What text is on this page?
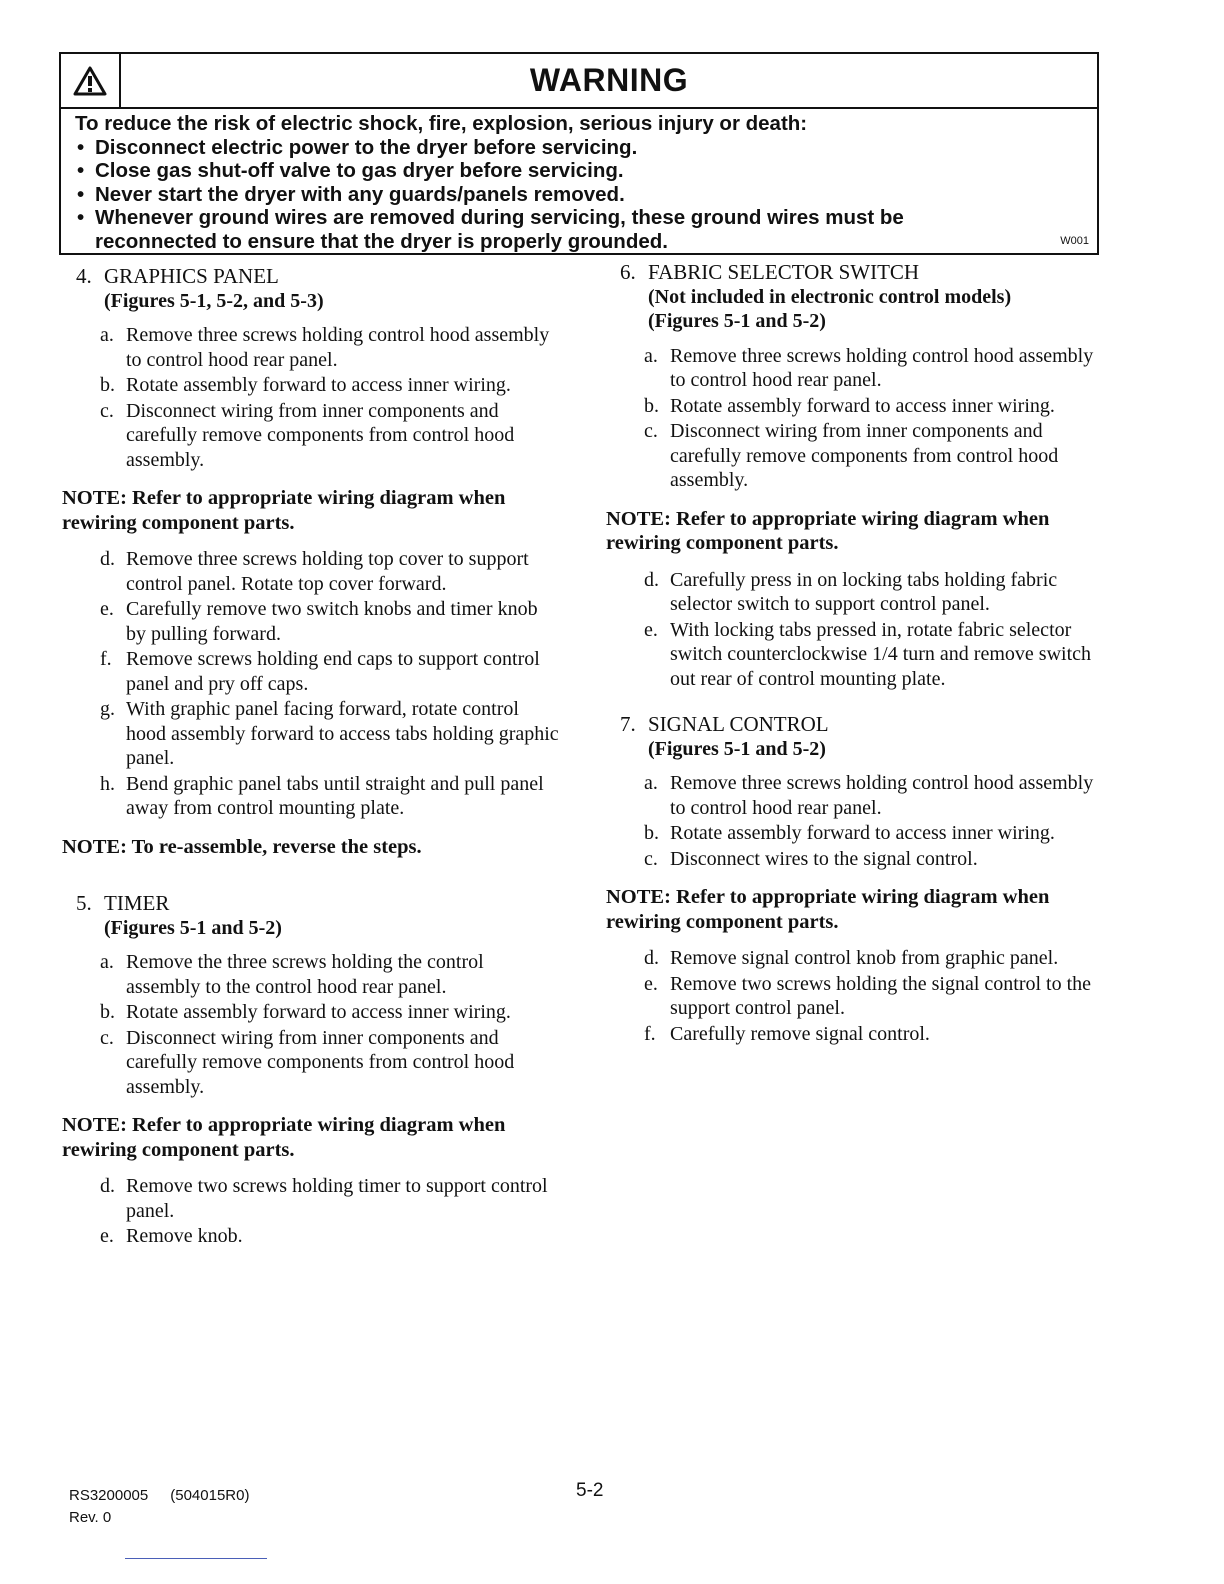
WARNING

To reduce the risk of electric shock, fire, explosion, serious injury or death:

• Disconnect electric power to the dryer before servicing.
• Close gas shut-off valve to gas dryer before servicing.
• Never start the dryer with any guards/panels removed.
• Whenever ground wires are removed during servicing, these ground wires must be reconnected to ensure that the dryer is properly grounded.	W001
4. GRAPHICS PANEL
(Figures 5-1, 5-2, and 5-3)
a. Remove three screws holding control hood assembly to control hood rear panel.
b. Rotate assembly forward to access inner wiring.
c. Disconnect wiring from inner components and carefully remove components from control hood assembly.
NOTE: Refer to appropriate wiring diagram when rewiring component parts.
d. Remove three screws holding top cover to support control panel. Rotate top cover forward.
e. Carefully remove two switch knobs and timer knob by pulling forward.
f. Remove screws holding end caps to support control panel and pry off caps.
g. With graphic panel facing forward, rotate control hood assembly forward to access tabs holding graphic panel.
h. Bend graphic panel tabs until straight and pull panel away from control mounting plate.
NOTE: To re-assemble, reverse the steps.
5. TIMER
(Figures 5-1 and 5-2)
a. Remove the three screws holding the control assembly to the control hood rear panel.
b. Rotate assembly forward to access inner wiring.
c. Disconnect wiring from inner components and carefully remove components from control hood assembly.
NOTE: Refer to appropriate wiring diagram when rewiring component parts.
d. Remove two screws holding timer to support control panel.
e. Remove knob.
6. FABRIC SELECTOR SWITCH
(Not included in electronic control models)
(Figures 5-1 and 5-2)
a. Remove three screws holding control hood assembly to control hood rear panel.
b. Rotate assembly forward to access inner wiring.
c. Disconnect wiring from inner components and carefully remove components from control hood assembly.
NOTE: Refer to appropriate wiring diagram when rewiring component parts.
d. Carefully press in on locking tabs holding fabric selector switch to support control panel.
e. With locking tabs pressed in, rotate fabric selector switch counterclockwise 1/4 turn and remove switch out rear of control mounting plate.
7. SIGNAL CONTROL
(Figures 5-1 and 5-2)
a. Remove three screws holding control hood assembly to control hood rear panel.
b. Rotate assembly forward to access inner wiring.
c. Disconnect wires to the signal control.
NOTE: Refer to appropriate wiring diagram when rewiring component parts.
d. Remove signal control knob from graphic panel.
e. Remove two screws holding the signal control to the support control panel.
f. Carefully remove signal control.
RS3200005 (504015R0)
Rev. 0
5-2
